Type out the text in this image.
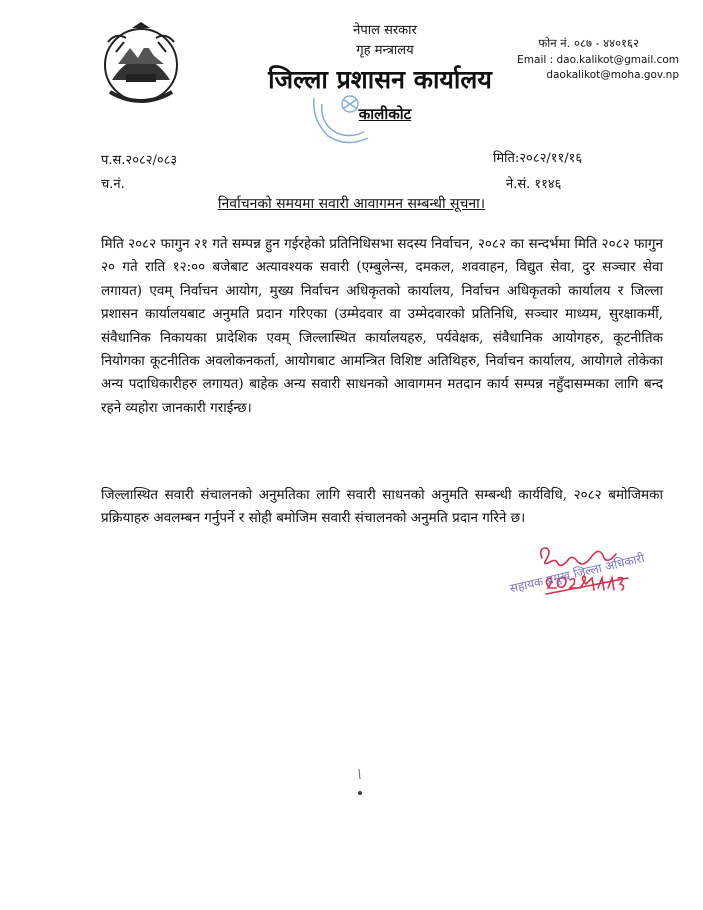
नेपाल सरकार
गृह मन्त्रालय
जिल्ला प्रशासन कार्यालय
कालीकोट
फोन नं. ०८७ - ४४०१६२
Email : dao.kalikot@gmail.com
daokalikot@moha.gov.np
प.स.२०८२/०८३
च.नं.
मिति:२०८२/११/१६
ने.सं. ११४६
निर्वाचनको समयमा सवारी आवागमन सम्बन्धी सूचना।

मिति २०८२ फागुन २१ गते सम्पन्न हुन गईरहेको प्रतिनिधिसभा सदस्य निर्वाचन, २०८२ का सन्दर्भमा मिति २०८२ फागुन २० गते राति १२:०० बजेबाट अत्यावश्यक सवारी (एम्बुलेन्स, दमकल, शववाहन, विद्युत सेवा, दुर सञ्चार सेवा लगायत) एवम् निर्वाचन आयोग, मुख्य निर्वाचन अधिकृतको कार्यालय, निर्वाचन अधिकृतको कार्यालय र जिल्ला प्रशासन कार्यालयबाट अनुमति प्रदान गरिएका (उम्मेदवार वा उम्मेदवारको प्रतिनिधि, सञ्चार माध्यम, सुरक्षाकर्मी, संवैधानिक निकायका प्रादेशिक एवम् जिल्लास्थित कार्यालयहरु, पर्यवेक्षक, संवैधानिक आयोगहरु, कूटनीतिक नियोगका कूटनीतिक अवलोकनकर्ता, आयोगबाट आमन्त्रित विशिष्ट अतिथिहरु, निर्वाचन कार्यालय, आयोगले तोकेका अन्य पदाधिकारीहरु लगायत) बाहेक अन्य सवारी साधनको आवागमन मतदान कार्य सम्पन्न नहुँदासम्मका लागि बन्द रहने व्यहोरा जानकारी गराईन्छ।

जिल्लास्थित सवारी संचालनको अनुमतिका लागि सवारी साधनको अनुमति सम्बन्धी कार्यविधि, २०८२ बमोजिमका प्रक्रियाहरु अवलम्बन गर्नुपर्ने र सोही बमोजिम सवारी संचालनको अनुमति प्रदान गरिने छ।

सहायक प्रमुख जिल्ला अधिकारी
